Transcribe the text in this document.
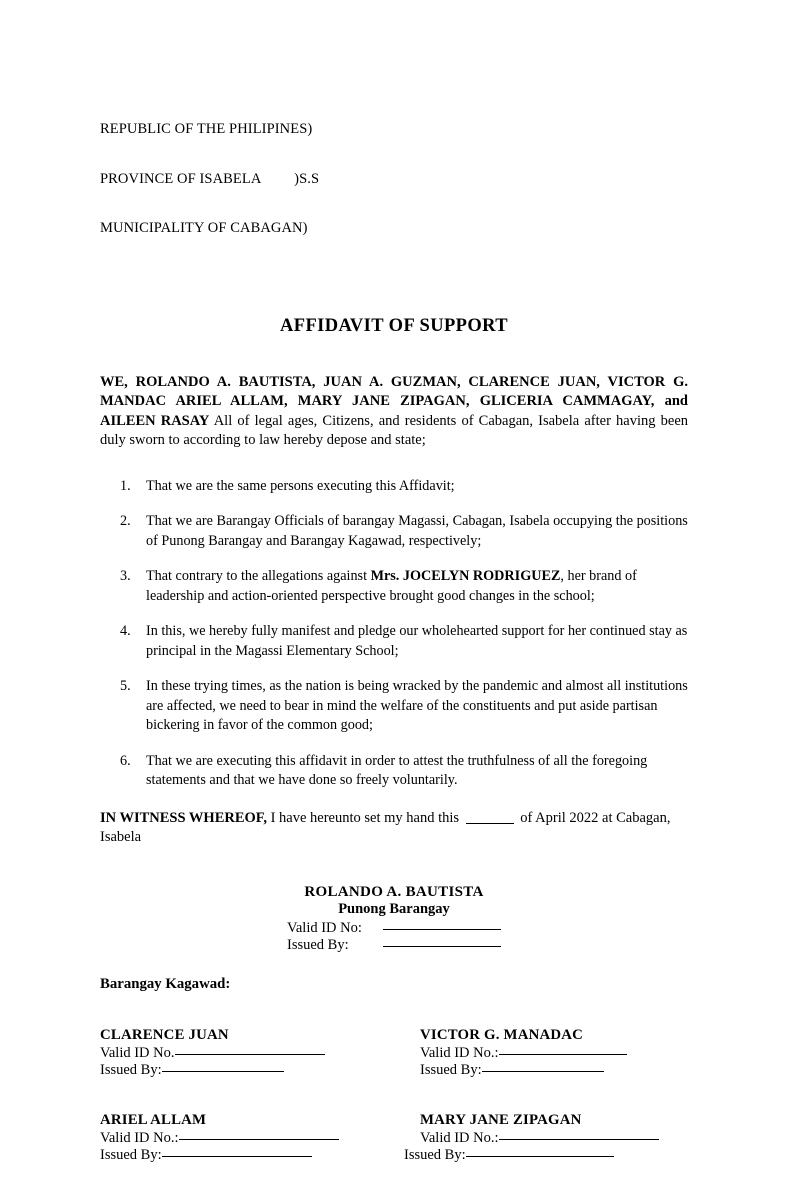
REPUBLIC OF THE PHILIPINES)

PROVINCE OF ISABELA         )S.S

MUNICIPALITY OF CABAGAN)

AFFIDAVIT OF SUPPORT

WE, ROLANDO A. BAUTISTA, JUAN A. GUZMAN, CLARENCE JUAN, VICTOR G. MANDAC ARIEL ALLAM, MARY JANE ZIPAGAN, GLICERIA CAMMAGAY, and AILEEN RASAY All of legal ages, Citizens, and residents of Cabagan, Isabela after having been duly sworn to according to law hereby depose and state;

That we are the same persons executing this Affidavit;
That we are Barangay Officials of barangay Magassi, Cabagan, Isabela occupying the positions of Punong Barangay and Barangay Kagawad, respectively;
That contrary to the allegations against Mrs. JOCELYN RODRIGUEZ, her brand of leadership and action-oriented perspective brought good changes in the school;
In this, we hereby fully manifest and pledge our wholehearted support for her continued stay as principal in the Magassi Elementary School;
In these trying times, as the nation is being wracked by the pandemic and almost all institutions are affected, we need to bear in mind the welfare of the constituents and put aside partisan bickering in favor of the common good;
That we are executing this affidavit in order to attest the truthfulness of all the foregoing statements and that we have done so freely voluntarily.

IN WITNESS WHEREOF, I have hereunto set my hand this	of April 2022 at Cabagan, Isabela

ROLANDO A. BAUTISTA
Punong Barangay
Valid ID No:
Issued By:
Barangay Kagawad:
CLARENCE JUAN
Valid ID No.
Issued By:
VICTOR G. MANADAC
Valid ID No.:
Issued By:
ARIEL ALLAM
Valid ID No.:
Issued By:
MARY JANE ZIPAGAN
Valid ID No.:
Issued By:
